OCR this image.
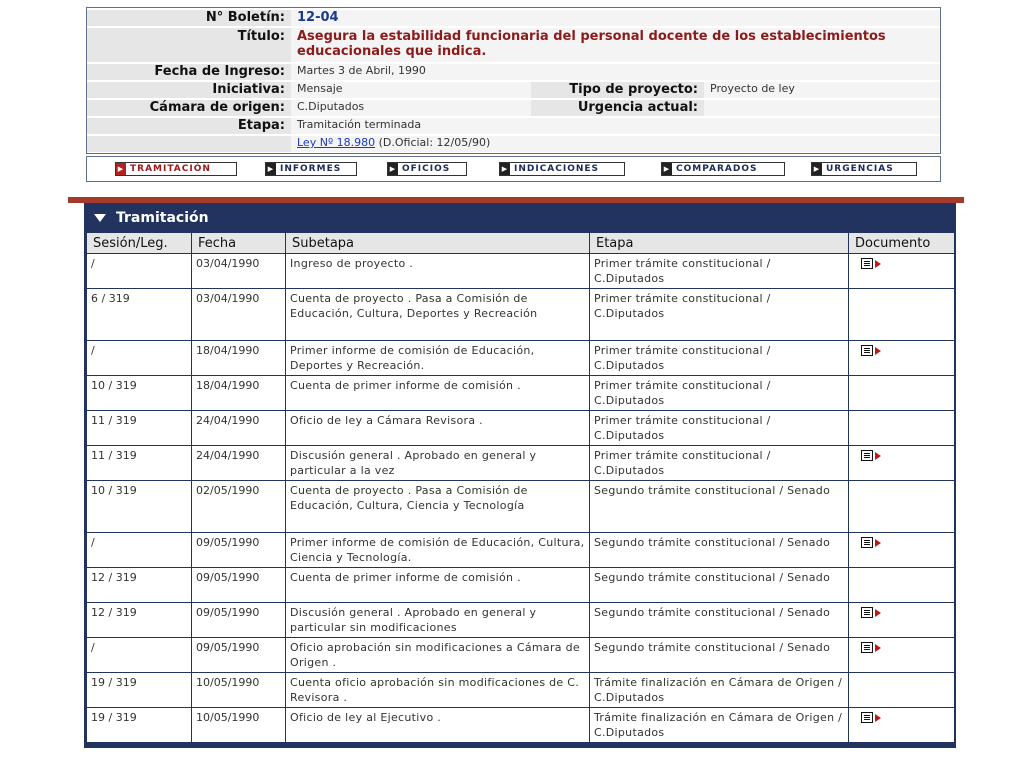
N° Boletín: 12-04
Título: Asegura la estabilidad funcionaria del personal docente de los establecimientos educacionales que indica.
Fecha de Ingreso:	Martes 3 de Abril, 1990
Iniciativa:	Mensaje	Tipo de proyecto:	Proyecto de ley
Cámara de origen:	C.Diputados	Urgencia actual:
Etapa:	Tramitación terminada
Ley Nº 18.980 (D.Oficial: 12/05/90)
▶ TRAMITACIÓN	▶ INFORMES	▶ OFICIOS	▶ INDICACIONES	▶ COMPARADOS	▶ URGENCIAS
Tramitación
Sesión/Leg.	Fecha	Subetapa	Etapa	Documento
/	03/04/1990	Ingreso de proyecto .	Primer trámite constitucional / C.Diputados	

6 / 319	03/04/1990	Cuenta de proyecto . Pasa a Comisión de Educación, Cultura, Deportes y Recreación	Primer trámite constitucional / C.Diputados	
/	18/04/1990	Primer informe de comisión de Educación, Deportes y Recreación.	Primer trámite constitucional / C.Diputados	

10 / 319	18/04/1990	Cuenta de primer informe de comisión .	Primer trámite constitucional / C.Diputados	
11 / 319	24/04/1990	Oficio de ley a Cámara Revisora .	Primer trámite constitucional / C.Diputados	
11 / 319	24/04/1990	Discusión general . Aprobado en general y particular a la vez	Primer trámite constitucional / C.Diputados	

10 / 319	02/05/1990	Cuenta de proyecto . Pasa a Comisión de Educación, Cultura, Ciencia y Tecnología	Segundo trámite constitucional / Senado	
/	09/05/1990	Primer informe de comisión de Educación, Cultura, Ciencia y Tecnología.	Segundo trámite constitucional / Senado	

12 / 319	09/05/1990	Cuenta de primer informe de comisión .	Segundo trámite constitucional / Senado	
12 / 319	09/05/1990	Discusión general . Aprobado en general y particular sin modificaciones	Segundo trámite constitucional / Senado	

/	09/05/1990	Oficio aprobación sin modificaciones a Cámara de Origen .	Segundo trámite constitucional / Senado	

19 / 319	10/05/1990	Cuenta oficio aprobación sin modificaciones de C. Revisora .	Trámite finalización en Cámara de Origen / C.Diputados	
19 / 319	10/05/1990	Oficio de ley al Ejecutivo .	Trámite finalización en Cámara de Origen / C.Diputados	
